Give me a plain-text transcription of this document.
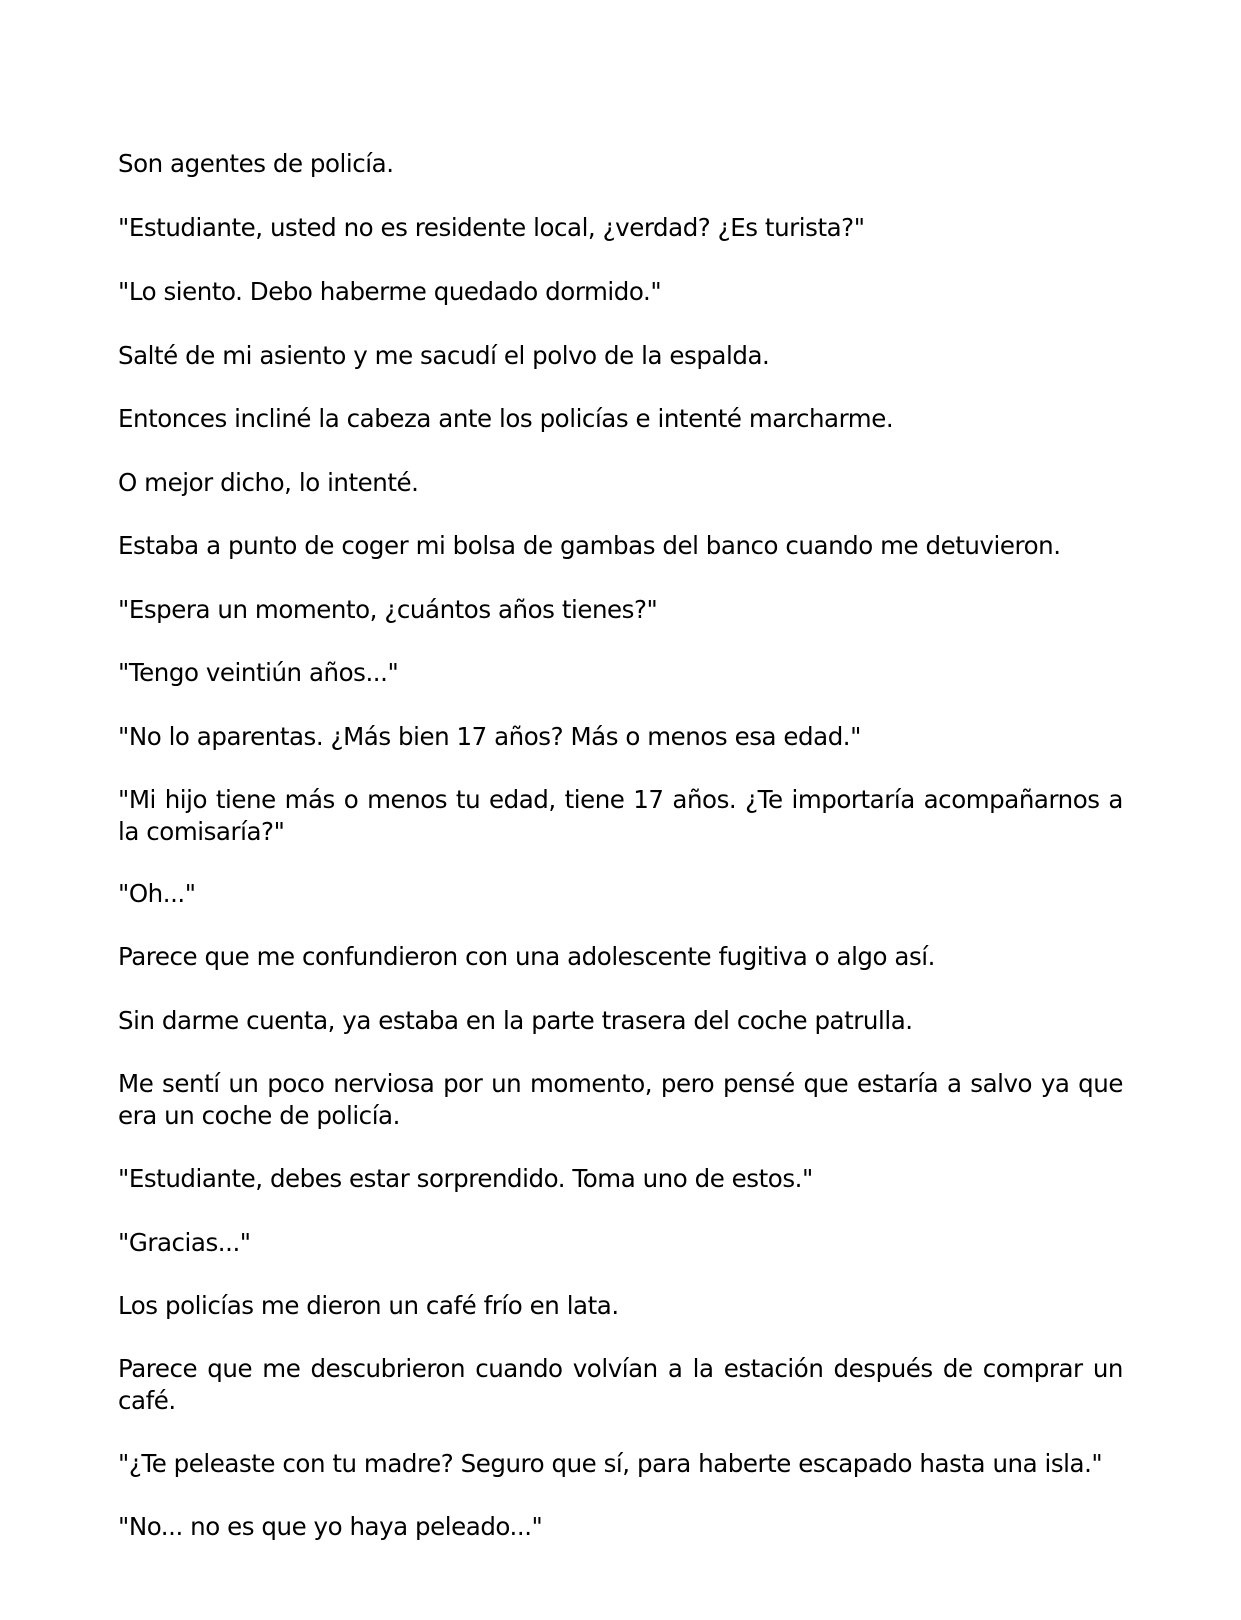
Son agentes de policía.

"Estudiante, usted no es residente local, ¿verdad? ¿Es turista?"

"Lo siento. Debo haberme quedado dormido."

Salté de mi asiento y me sacudí el polvo de la espalda.

Entonces incliné la cabeza ante los policías e intenté marcharme.

O mejor dicho, lo intenté.

Estaba a punto de coger mi bolsa de gambas del banco cuando me detuvieron.

"Espera un momento, ¿cuántos años tienes?"

"Tengo veintiún años..."

"No lo aparentas. ¿Más bien 17 años? Más o menos esa edad."

"Mi hijo tiene más o menos tu edad, tiene 17 años. ¿Te importaría acompañarnos a la comisaría?"

"Oh..."

Parece que me confundieron con una adolescente fugitiva o algo así.

Sin darme cuenta, ya estaba en la parte trasera del coche patrulla.

Me sentí un poco nerviosa por un momento, pero pensé que estaría a salvo ya que era un coche de policía.

"Estudiante, debes estar sorprendido. Toma uno de estos."

"Gracias..."

Los policías me dieron un café frío en lata.

Parece que me descubrieron cuando volvían a la estación después de comprar un café.

"¿Te peleaste con tu madre? Seguro que sí, para haberte escapado hasta una isla."

"No... no es que yo haya peleado..."
